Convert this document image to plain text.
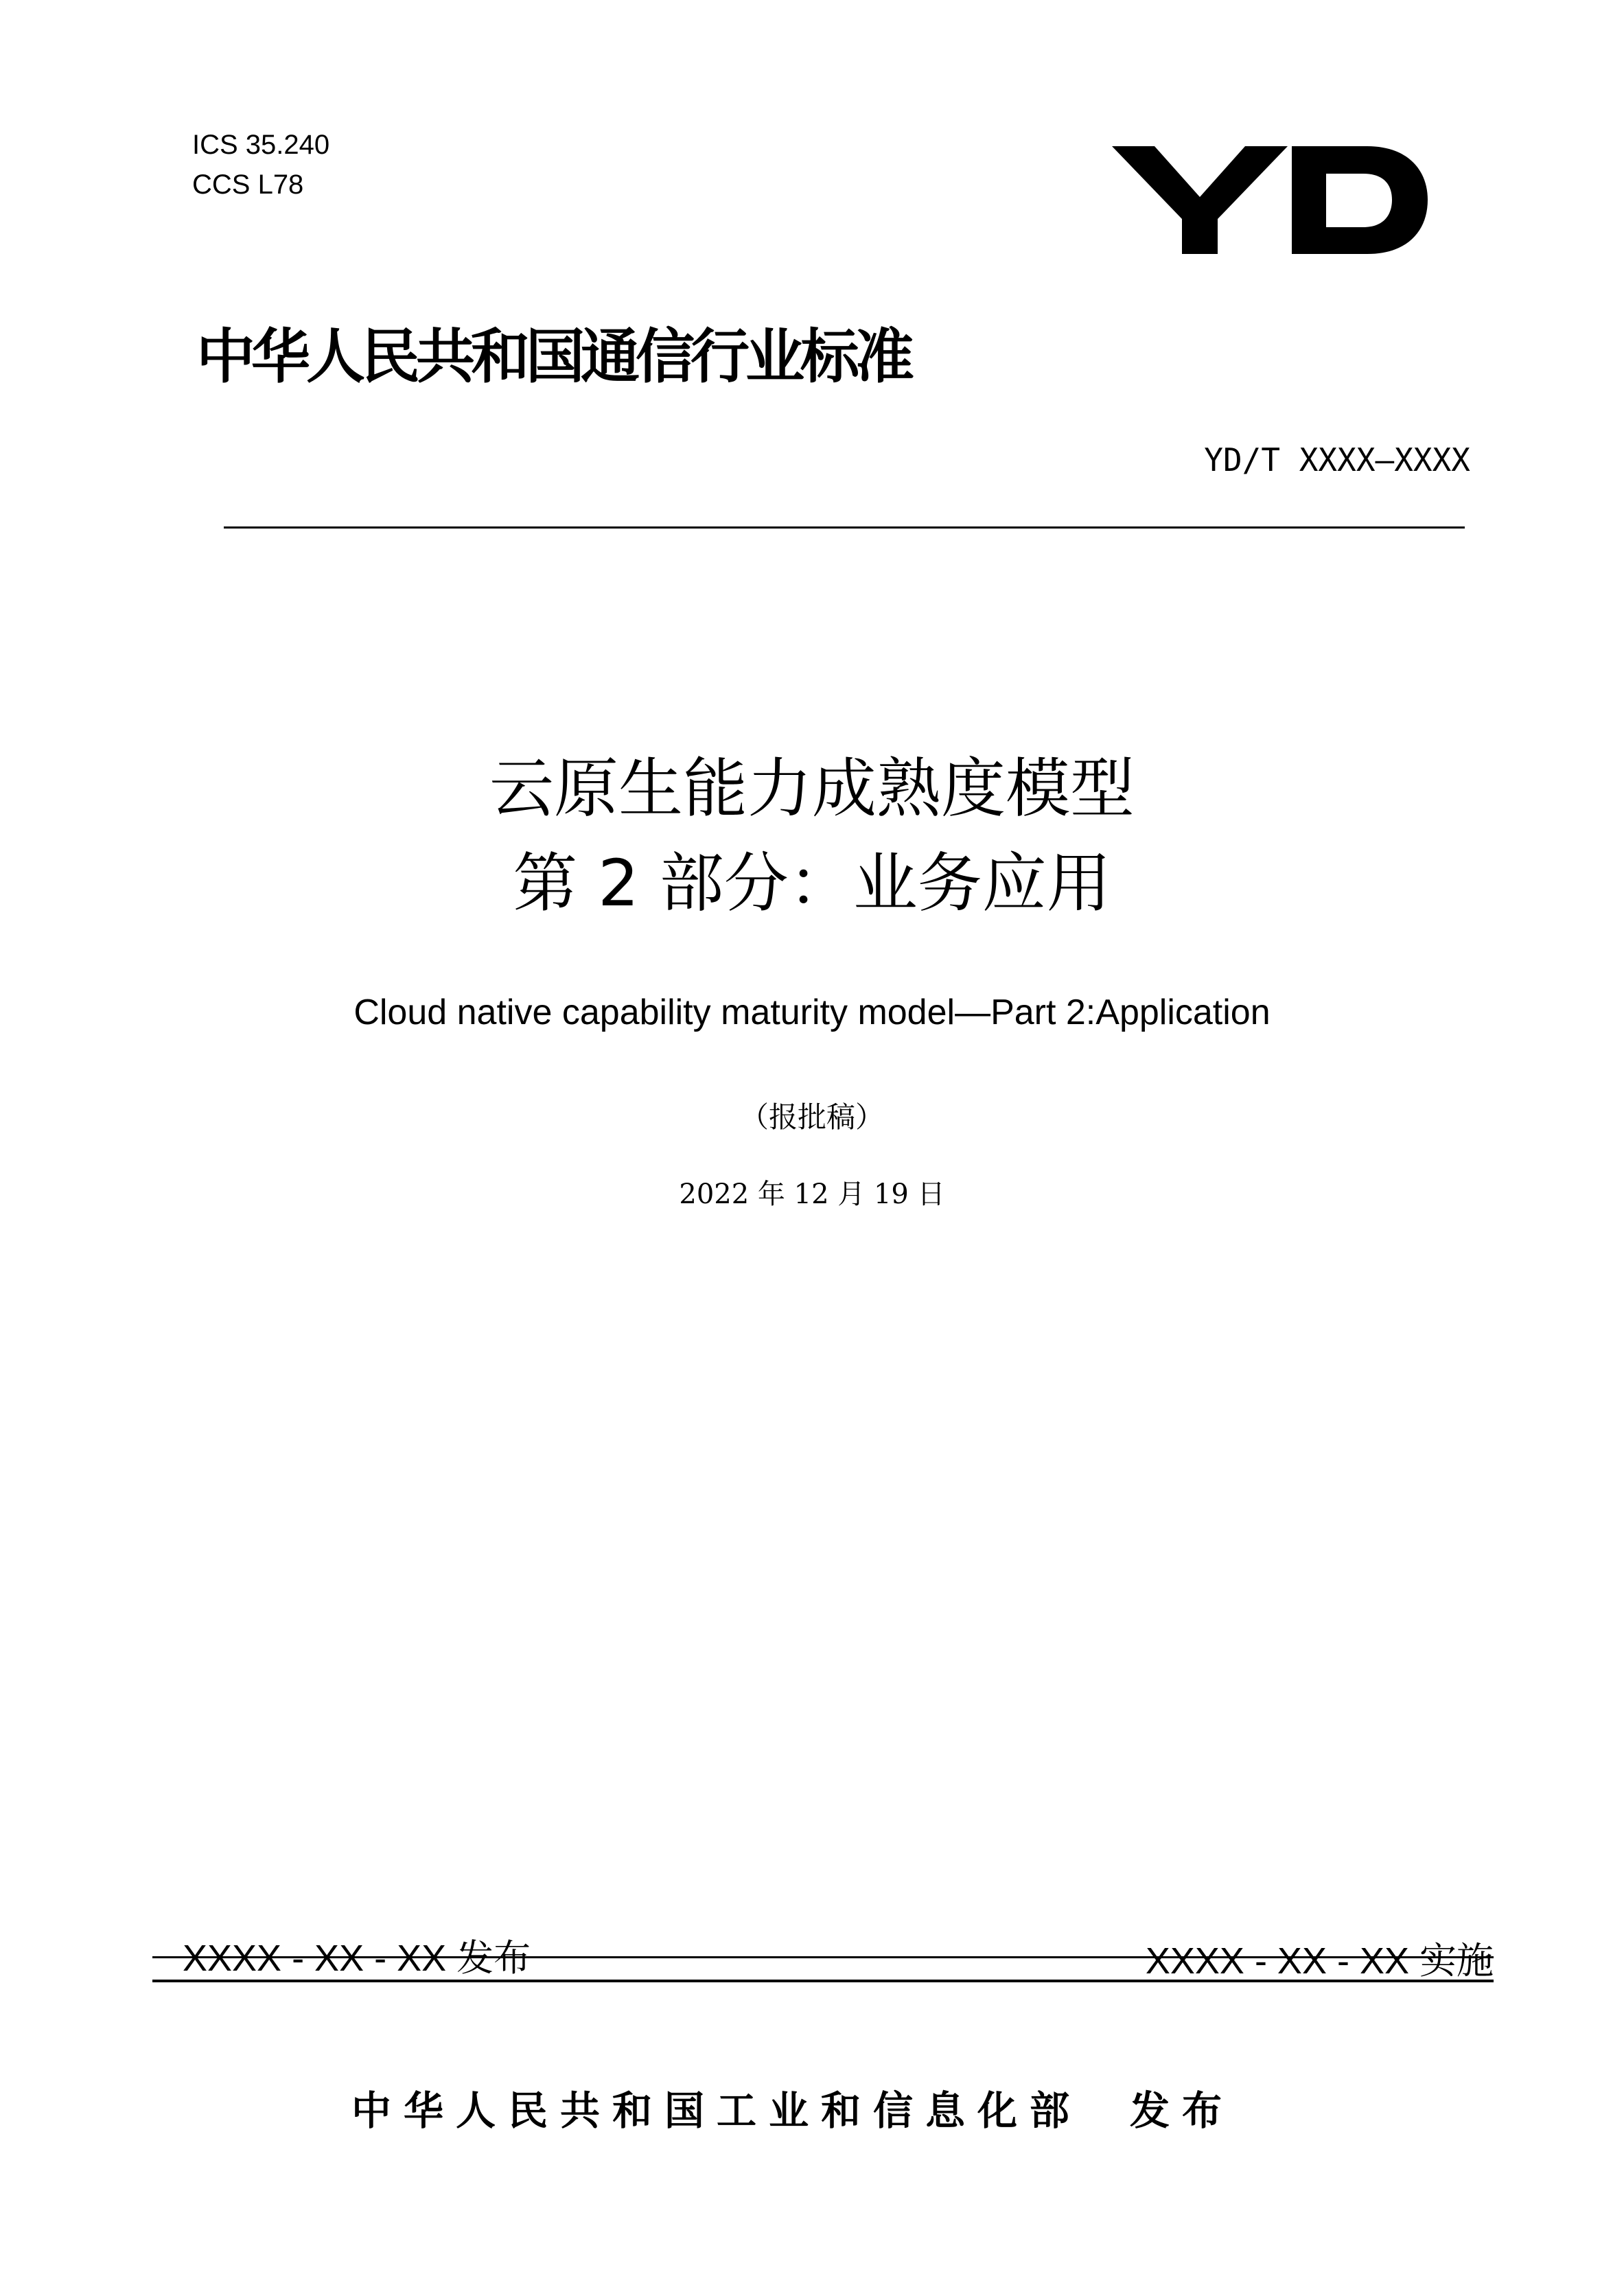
ICS 35.240
CCS L78
中华人民共和国通信行业标准
YD/T XXXX—XXXX
云原生能力成熟度模型
第 2 部分：业务应用
Cloud native capability maturity model—Part 2:Application
（报批稿）
2022 年 12 月 19 日
XXXX - XX - XX 发布	XXXX - XX - XX 实施
中华人民共和国工业和信息化部 发布
